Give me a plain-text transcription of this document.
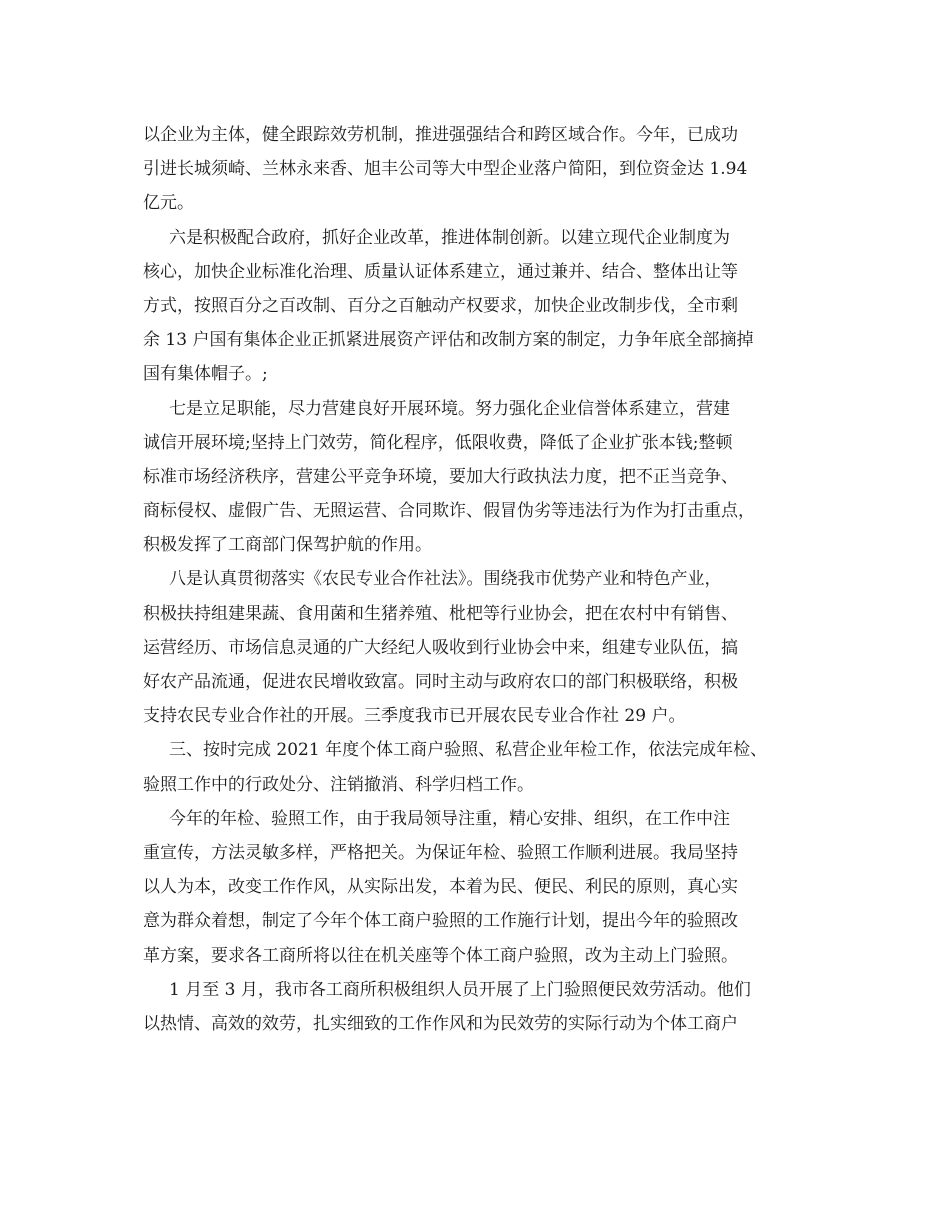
以企业为主体，健全跟踪效劳机制，推进强强结合和跨区域合作。今年，已成功
引进长城须崎、兰林永来香、旭丰公司等大中型企业落户简阳，到位资金达 1.94
亿元。
六是积极配合政府，抓好企业改革，推进体制创新。以建立现代企业制度为
核心，加快企业标准化治理、质量认证体系建立，通过兼并、结合、整体出让等
方式，按照百分之百改制、百分之百触动产权要求，加快企业改制步伐，全市剩
余 13 户国有集体企业正抓紧进展资产评估和改制方案的制定，力争年底全部摘掉
国有集体帽子。;
七是立足职能，尽力营建良好开展环境。努力强化企业信誉体系建立，营建
诚信开展环境;坚持上门效劳，简化程序，低限收费，降低了企业扩张本钱;整顿
标准市场经济秩序，营建公平竞争环境，要加大行政执法力度，把不正当竞争、
商标侵权、虚假广告、无照运营、合同欺诈、假冒伪劣等违法行为作为打击重点，
积极发挥了工商部门保驾护航的作用。
八是认真贯彻落实《农民专业合作社法》。围绕我市优势产业和特色产业，
积极扶持组建果蔬、食用菌和生猪养殖、枇杷等行业协会，把在农村中有销售、
运营经历、市场信息灵通的广大经纪人吸收到行业协会中来，组建专业队伍，搞
好农产品流通，促进农民增收致富。同时主动与政府农口的部门积极联络，积极
支持农民专业合作社的开展。三季度我市已开展农民专业合作社 29 户。
三、按时完成 2021 年度个体工商户验照、私营企业年检工作，依法完成年检、
验照工作中的行政处分、注销撤消、科学归档工作。
今年的年检、验照工作，由于我局领导注重，精心安排、组织，在工作中注
重宣传，方法灵敏多样，严格把关。为保证年检、验照工作顺利进展。我局坚持
以人为本，改变工作作风，从实际出发，本着为民、便民、利民的原则，真心实
意为群众着想，制定了今年个体工商户验照的工作施行计划，提出今年的验照改
革方案，要求各工商所将以往在机关座等个体工商户验照，改为主动上门验照。
1 月至 3 月，我市各工商所积极组织人员开展了上门验照便民效劳活动。他们
以热情、高效的效劳，扎实细致的工作作风和为民效劳的实际行动为个体工商户
